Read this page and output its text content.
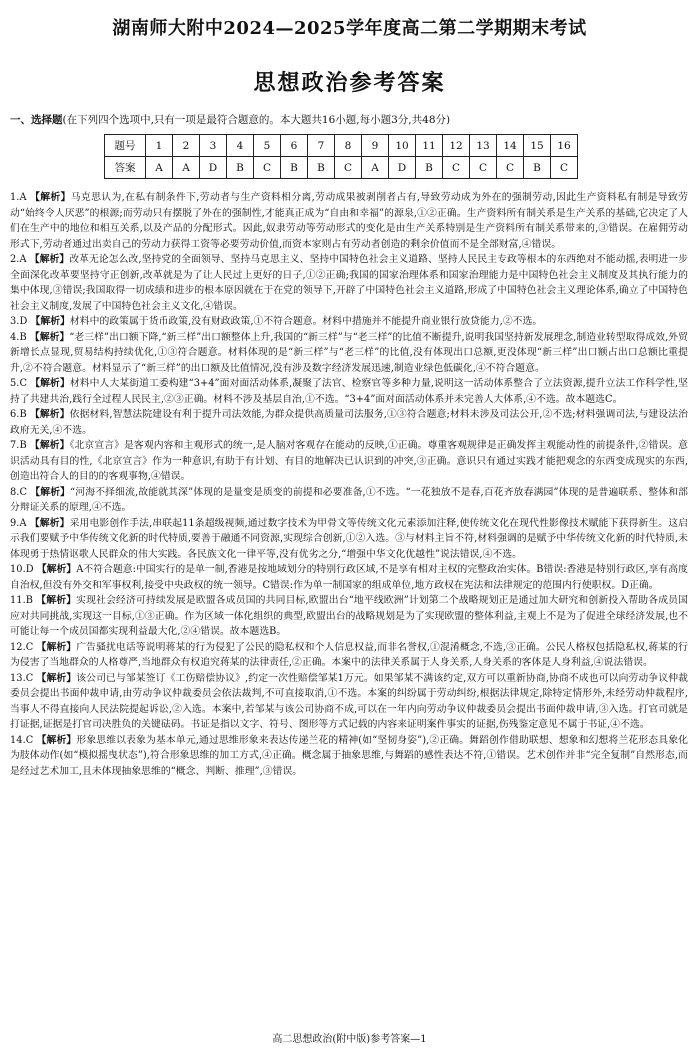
湖南师大附中2024—2025学年度高二第二学期期末考试
思想政治参考答案
一、选择题(在下列四个选项中,只有一项是最符合题意的。本大题共16小题,每小题3分,共48分)
题号	1	2	3	4	5	6	7	8	9	10	11	12	13	14	15	16
答案	A	A	D	B	C	B	B	C	A	D	B	C	C	C	B	C

1.A 【解析】马克思认为,在私有制条件下,劳动者与生产资料相分离,劳动成果被剥削者占有,导致劳动成为外在的强制劳动,因此生产资料私有制是导致劳动“始终令人厌恶”的根源;而劳动只有摆脱了外在的强制性,才能真正成为“自由和幸福”的源泉,①②正确。生产资料所有制关系是生产关系的基础,它决定了人们在生产中的地位和相互关系,以及产品的分配形式。因此,奴隶劳动等劳动形式的变化是由生产关系特别是生产资料所有制关系带来的,③错误。在雇佣劳动形式下,劳动者通过出卖自己的劳动力获得工资等必要劳动价值,而资本家则占有劳动者创造的剩余价值而不是全部财富,④错误。

2.A 【解析】改革无论怎么改,坚持党的全面领导、坚持马克思主义、坚持中国特色社会主义道路、坚持人民民主专政等根本的东西绝对不能动摇,表明进一步全面深化改革要坚持守正创新,改革就是为了让人民过上更好的日子,①②正确;我国的国家治理体系和国家治理能力是中国特色社会主义制度及其执行能力的集中体现,③错误;我国取得一切成绩和进步的根本原因就在于在党的领导下,开辟了中国特色社会主义道路,形成了中国特色社会主义理论体系,确立了中国特色社会主义制度,发展了中国特色社会主义文化,④错误。

3.D 【解析】材料中的政策属于货币政策,没有财政政策,①不符合题意。材料中措施并不能提升商业银行放贷能力,②不选。

4.B 【解析】“老三样”出口额下降,“新三样”出口额整体上升,我国的“新三样”与“老三样”的比值不断提升,说明我国坚持新发展理念,制造业转型取得成效,外贸新增长点显现,贸易结构持续优化,①③符合题意。材料体现的是“新三样”与“老三样”的比值,没有体现出口总额,更没体现“新三样”出口额占出口总额比重提升,②不符合题意。材料显示了“新三样”的出口额及比值情况,没有涉及数字经济发展迅速,制造业绿色低碳化,④不符合题意。

5.C 【解析】材料中人大某街道工委构建“3+4”面对面活动体系,凝聚了法官、检察官等多种力量,说明这一活动体系整合了立法资源,提升立法工作科学性,坚持了共建共治,践行全过程人民民主,②③正确。材料不涉及基层自治,①不选。“3+4”面对面活动体系并未完善人大体系,④不选。故本题选C。

6.B 【解析】依据材料,智慧法院建设有利于提升司法效能,为群众提供高质量司法服务,①③符合题意;材料未涉及司法公开,②不选;材料强调司法,与建设法治政府无关,④不选。

7.B 【解析】《北京宣言》是客观内容和主观形式的统一,是人脑对客观存在能动的反映,①正确。尊重客观规律是正确发挥主观能动性的前提条件,②错误。意识活动具有目的性,《北京宣言》作为一种意识,有助于有计划、有目的地解决已认识到的冲突,③正确。意识只有通过实践才能把观念的东西变成现实的东西,创造出符合人的目的的客观事物,④错误。

8.C 【解析】“河海不择细流,故能就其深”体现的是量变是质变的前提和必要准备,①不选。“一花独放不是春,百花齐放春满园”体现的是普遍联系、整体和部分辩证关系的原理,④不选。

9.A 【解析】采用电影创作手法,串联起11条超级视频,通过数字技术为甲骨文等传统文化元素添加注释,使传统文化在现代性影像技术赋能下获得新生。这启示我们要赋予中华传统文化新的时代特质,要善于融通不同资源,实现综合创新,①②入选。③与材料主旨不符,材料强调的是赋予中华传统文化新的时代特质,未体现勇于热情讴歌人民群众的伟大实践。各民族文化一律平等,没有优劣之分,“增强中华文化优越性”说法错误,④不选。

10.D 【解析】A不符合题意:中国实行的是单一制,香港是按地域划分的特别行政区域,不是享有相对主权的完整政治实体。B错误:香港是特别行政区,享有高度自治权,但没有外交和军事权利,接受中央政权的统一领导。C错误:作为单一制国家的组成单位,地方政权在宪法和法律规定的范围内行使职权。D正确。

11.B 【解析】实现社会经济可持续发展是欧盟各成员国的共同目标,欧盟出台“地平线欧洲”计划第二个战略规划正是通过加大研究和创新投入帮助各成员国应对共同挑战,实现这一目标,①③正确。作为区域一体化组织的典型,欧盟出台的战略规划是为了实现欧盟的整体利益,主观上不是为了促进全球经济发展,也不可能让每一个成员国都实现利益最大化,②④错误。故本题选B。

12.C 【解析】广告骚扰电话等说明蒋某的行为侵犯了公民的隐私权和个人信息权益,而非名誉权,①混淆概念,不选,③正确。公民人格权包括隐私权,蒋某的行为侵害了当地群众的人格尊严,当地群众有权追究蒋某的法律责任,②正确。本案中的法律关系属于人身关系,人身关系的客体是人身利益,④说法错误。

13.C 【解析】该公司已与邹某签订《工伤赔偿协议》,约定一次性赔偿邹某1万元。如果邹某不满该约定,双方可以重新协商,协商不成也可以向劳动争议仲裁委员会提出书面仲裁申请,由劳动争议仲裁委员会依法裁判,不可直接取消,①不选。本案的纠纷属于劳动纠纷,根据法律规定,除特定情形外,未经劳动仲裁程序,当事人不得直接向人民法院提起诉讼,②入选。本案中,若邹某与该公司协商不成,可以在一年内向劳动争议仲裁委员会提出书面仲裁申请,③入选。打官司就是打证据,证据是打官司决胜负的关键砝码。书证是指以文字、符号、图形等方式记载的内容来证明案件事实的证据,伤残鉴定意见不属于书证,④不选。

14.C 【解析】形象思维以表象为基本单元,通过思维形象来表达传递兰花的精神(如“坚韧身姿”),②正确。舞蹈创作借助联想、想象和幻想将兰花形态具象化为肢体动作(如“模拟摇曳状态”),符合形象思维的加工方式,④正确。概念属于抽象思维,与舞蹈的感性表达不符,①错误。艺术创作并非“完全复制”自然形态,而是经过艺术加工,且未体现抽象思维的“概念、判断、推理”,③错误。

高二思想政治(附中版)参考答案—1
